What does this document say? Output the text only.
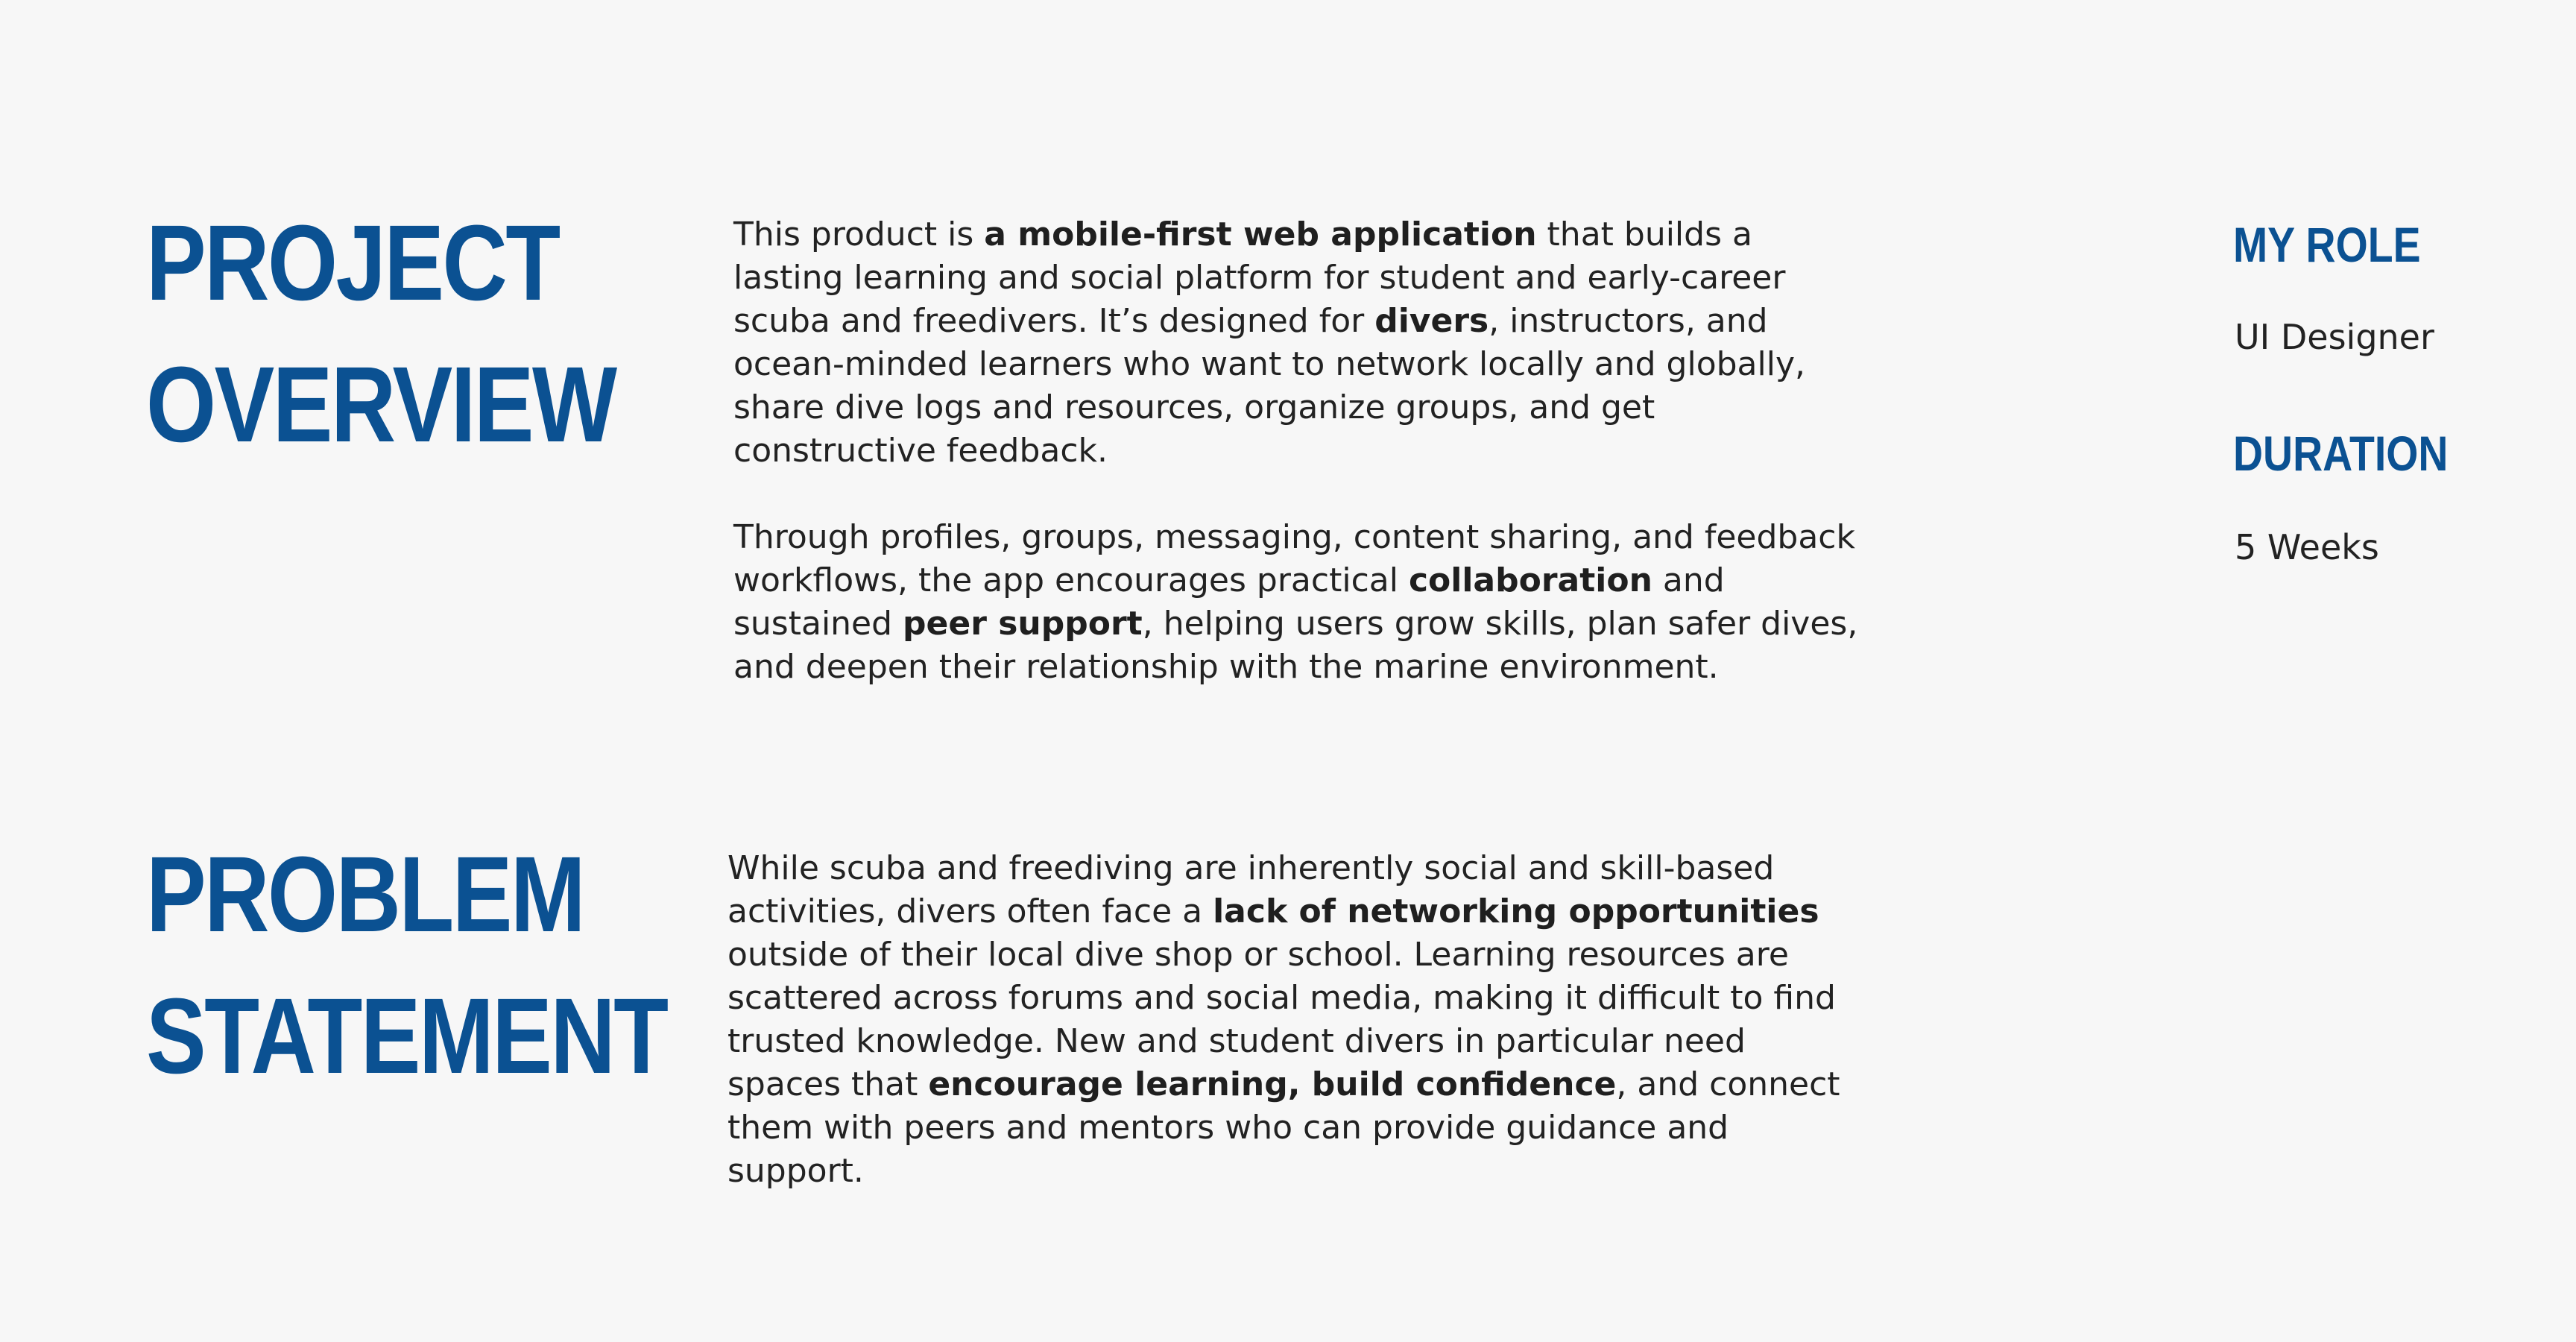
PROJECT
OVERVIEW

This product is a mobile-first web application that builds a lasting learning and social platform for student and early-career scuba and freedivers. It’s designed for divers, instructors, and ocean-minded learners who want to network locally and globally, share dive logs and resources, organize groups, and get constructive feedback.

Through profiles, groups, messaging, content sharing, and feedback workflows, the app encourages practical collaboration and sustained peer support, helping users grow skills, plan safer dives, and deepen their relationship with the marine environment.

MY ROLE

UI Designer

DURATION

5 Weeks

PROBLEM
STATEMENT

While scuba and freediving are inherently social and skill-based activities, divers often face a lack of networking opportunities outside of their local dive shop or school. Learning resources are scattered across forums and social media, making it difficult to find trusted knowledge. New and student divers in particular need spaces that encourage learning, build confidence, and connect them with peers and mentors who can provide guidance and support.
